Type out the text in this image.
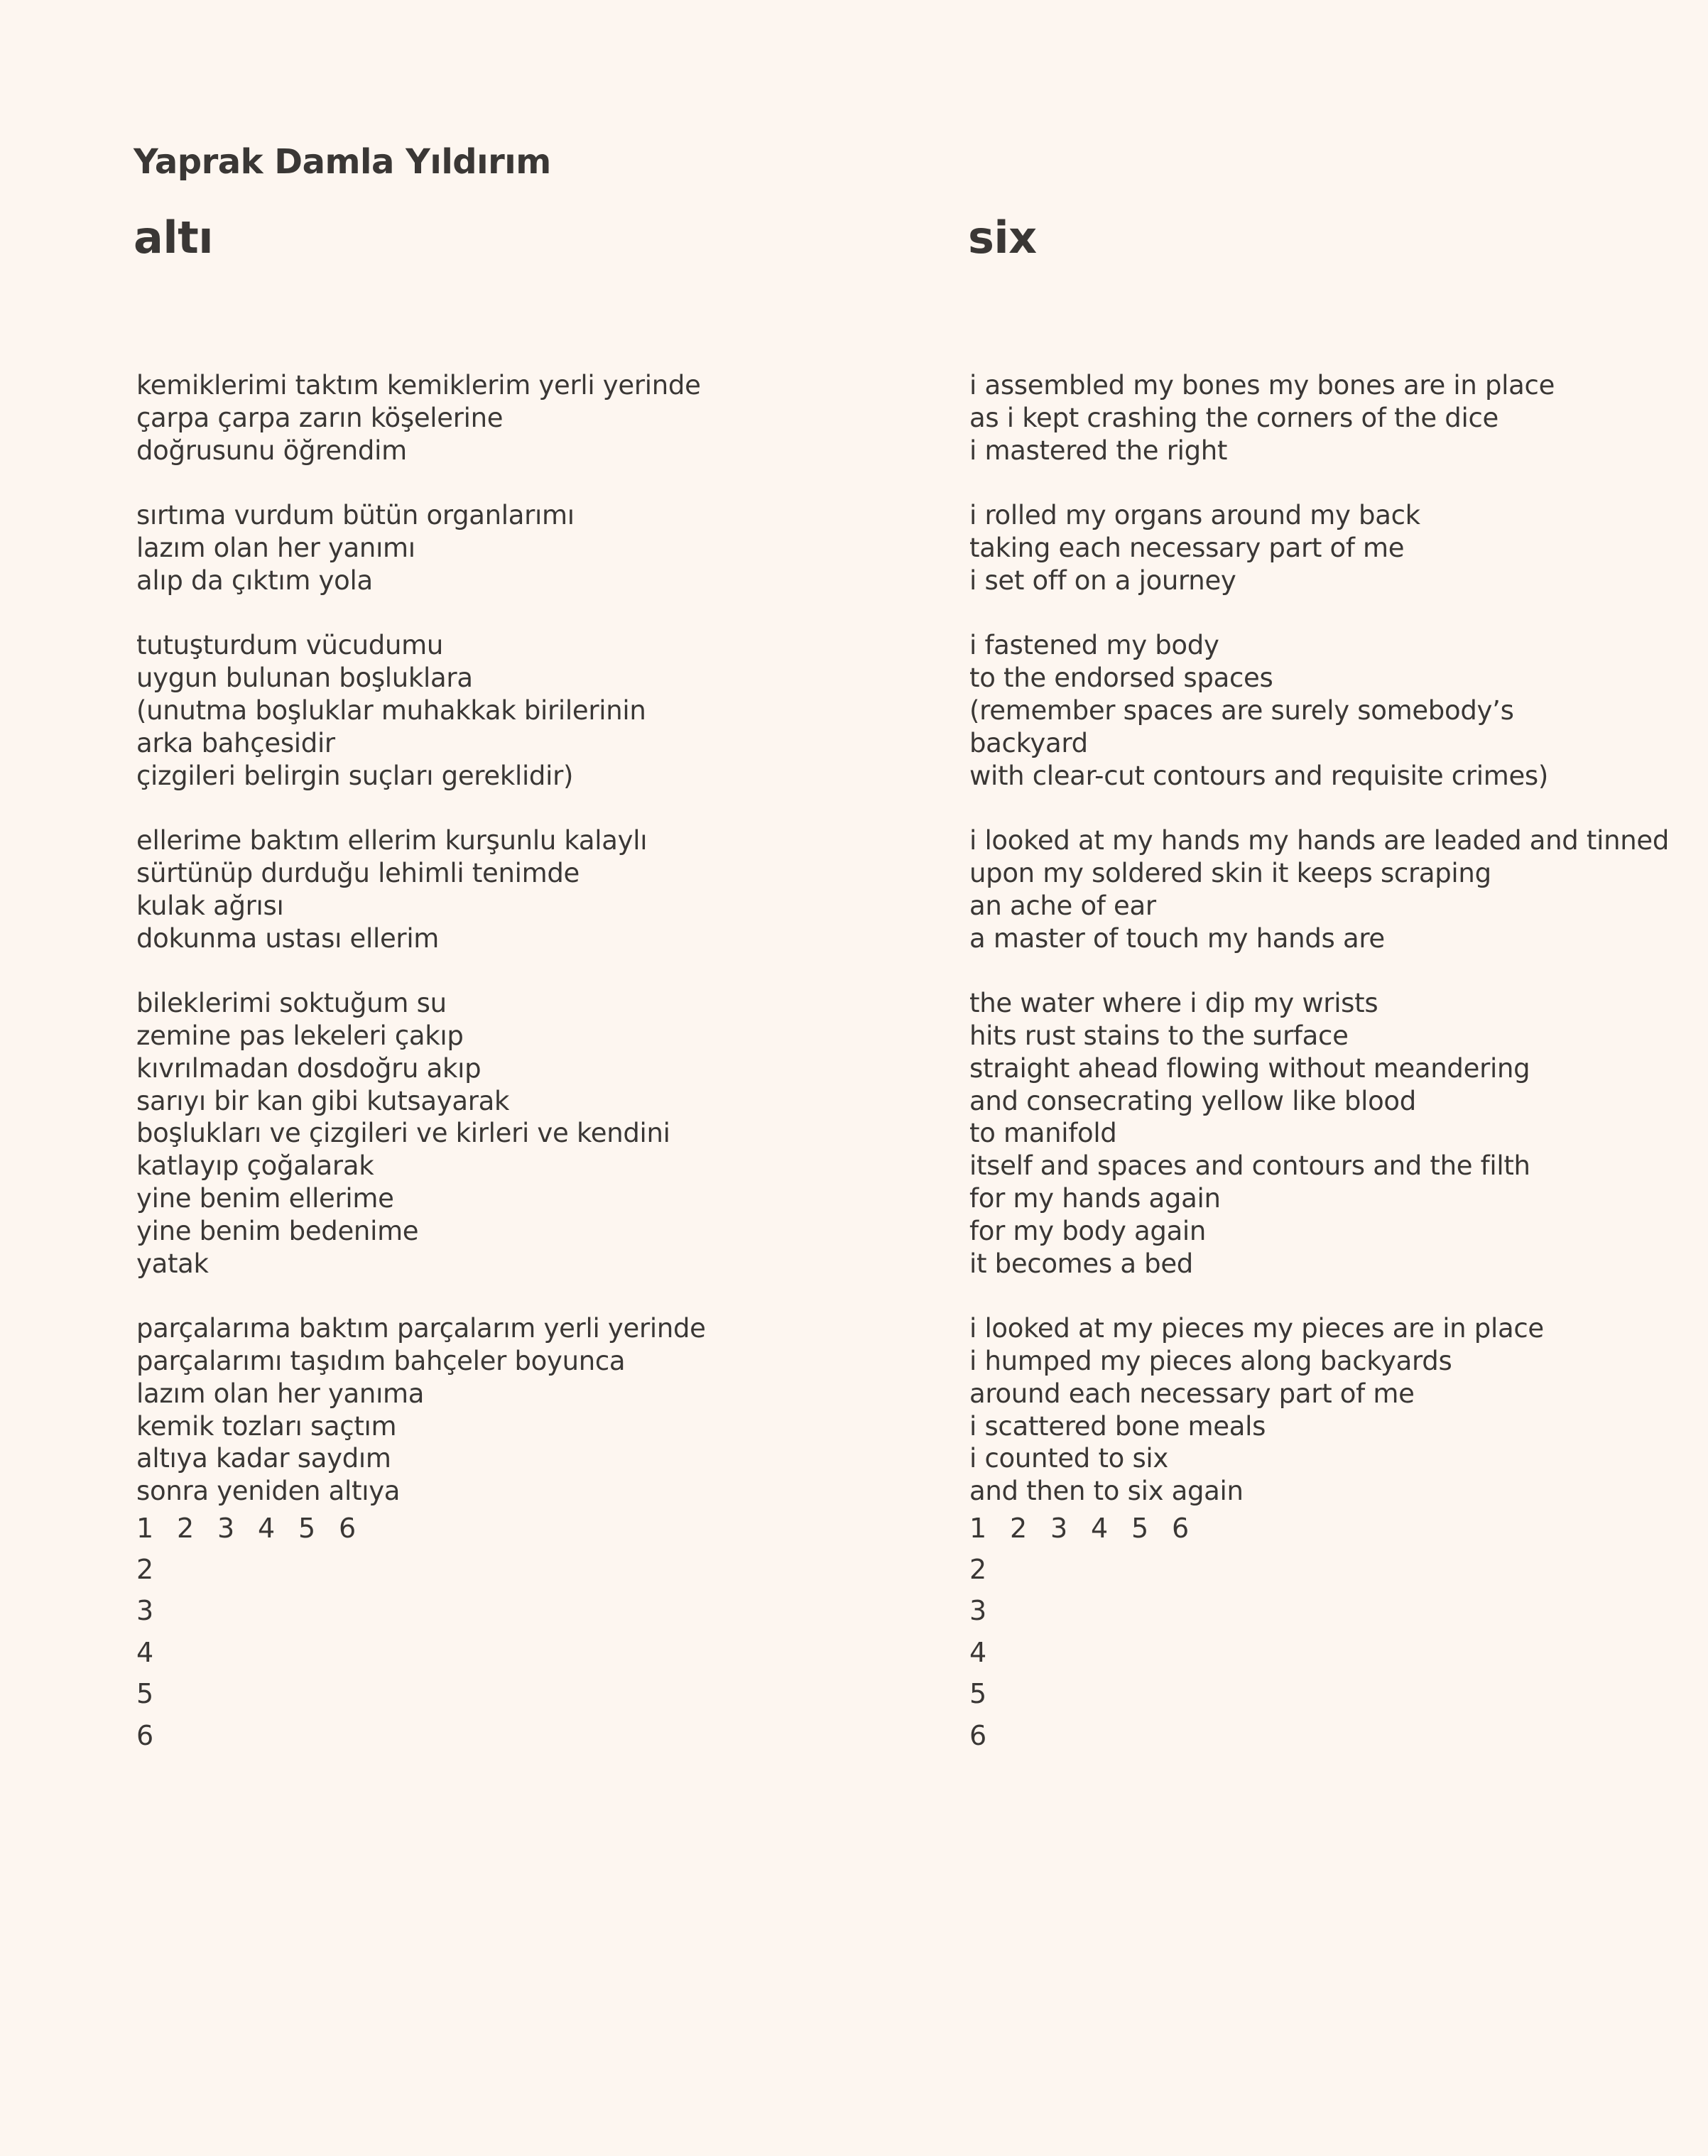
Yaprak Damla Yıldırım
altı
kemiklerimi taktım kemiklerim yerli yerinde
çarpa çarpa zarın köşelerine
doğrusunu öğrendim
sırtıma vurdum bütün organlarımı
lazım olan her yanımı
alıp da çıktım yola
tutuşturdum vücudumu
uygun bulunan boşluklara
(unutma boşluklar muhakkak birilerinin
arka bahçesidir
çizgileri belirgin suçları gereklidir)
ellerime baktım ellerim kurşunlu kalaylı
sürtünüp durduğu lehimli tenimde
kulak ağrısı
dokunma ustası ellerim
bileklerimi soktuğum su
zemine pas lekeleri çakıp
kıvrılmadan dosdoğru akıp
sarıyı bir kan gibi kutsayarak
boşlukları ve çizgileri ve kirleri ve kendini
katlayıp çoğalarak
yine benim ellerime
yine benim bedenime
yatak
parçalarıma baktım parçalarım yerli yerinde
parçalarımı taşıdım bahçeler boyunca
lazım olan her yanıma
kemik tozları saçtım
altıya kadar saydım
sonra yeniden altıya
1 2 3 4 5 6
2
3
4
5
6
six
i assembled my bones my bones are in place
as i kept crashing the corners of the dice
i mastered the right
i rolled my organs around my back
taking each necessary part of me
i set off on a journey
i fastened my body
to the endorsed spaces
(remember spaces are surely somebody’s
backyard
with clear-cut contours and requisite crimes)
i looked at my hands my hands are leaded and tinned
upon my soldered skin it keeps scraping
an ache of ear
a master of touch my hands are
the water where i dip my wrists
hits rust stains to the surface
straight ahead flowing without meandering
and consecrating yellow like blood
to manifold
itself and spaces and contours and the filth
for my hands again
for my body again
it becomes a bed
i looked at my pieces my pieces are in place
i humped my pieces along backyards
around each necessary part of me
i scattered bone meals
i counted to six
and then to six again
1 2 3 4 5 6
2
3
4
5
6
